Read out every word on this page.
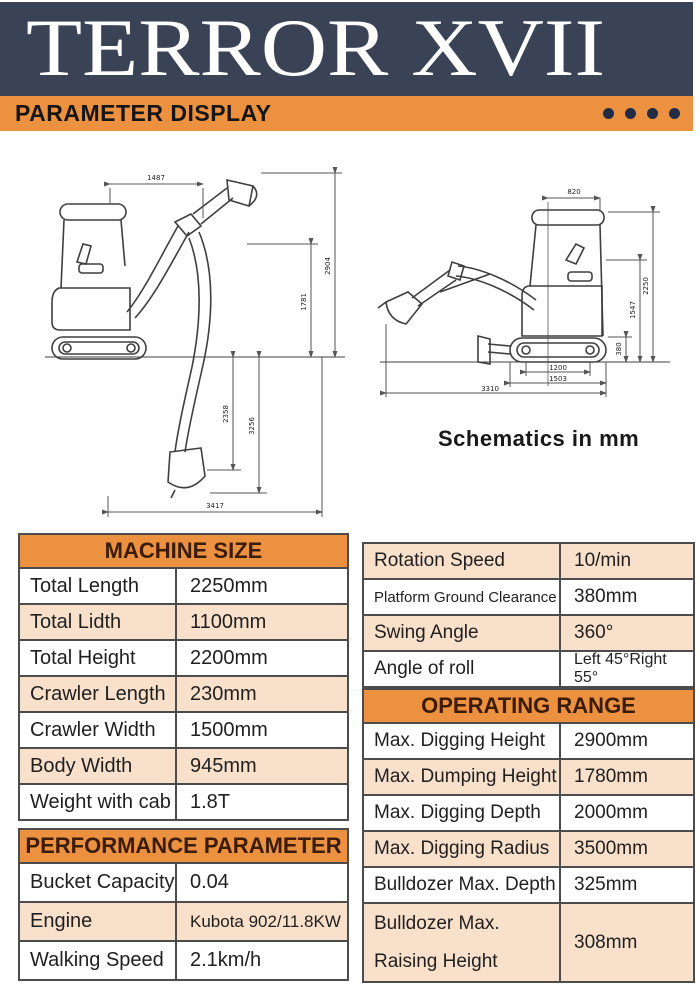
TERROR XVII
PARAMETER DISPLAY
1487
1781
2904
2358
3256
3417
820
2250
1547
380
1200
1503
3310
Schematics in mm
MACHINE SIZE
Total Length	2250mm
Total Lidth	1100mm
Total Height	2200mm
Crawler Length	230mm
Crawler Width	1500mm
Body Width	945mm
Weight with cab 1.8T
PERFORMANCE PARAMETER
Bucket Capacity 0.04
Engine	Kubota 902/11.8KW
Walking Speed	2.1km/h
Rotation Speed	10/min
Platform Ground Clearance 380mm
Swing Angle	360°
Angle of roll	Left 45°Right 55°
OPERATING RANGE
Max. Digging Height	2900mm
Max. Dumping Height 1780mm
Max. Digging Depth	2000mm
Max. Digging Radius	3500mm
Bulldozer Max. Depth 325mm
Bulldozer Max. Raising Height
308mm
